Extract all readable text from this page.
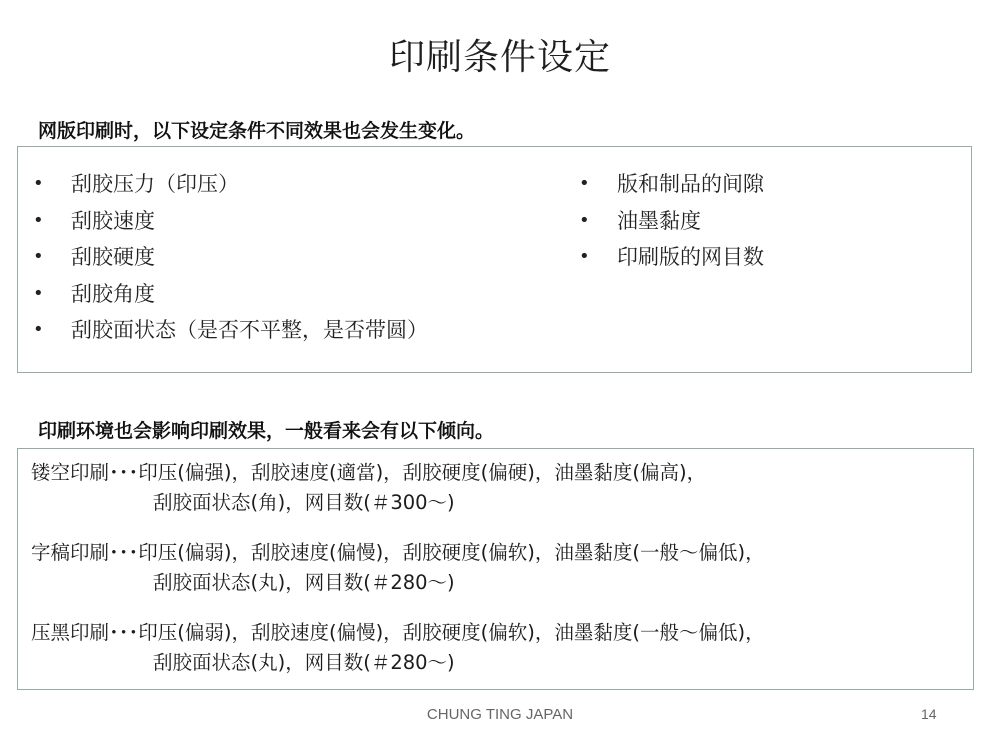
印刷条件设定
网版印刷时，以下设定条件不同效果也会发生变化。
• 刮胶压力（印压）
• 刮胶速度
• 刮胶硬度
• 刮胶角度
• 刮胶面状态（是否不平整，是否带圆）
• 版和制品的间隙
• 油墨黏度
• 印刷版的网目数
印刷环境也会影响印刷效果，一般看来会有以下倾向。
镂空印刷･･･印压(偏强)，刮胶速度(適當)，刮胶硬度(偏硬)，油墨黏度(偏高)，
刮胶面状态(角)，网目数(＃300～)
字稿印刷･･･印压(偏弱)，刮胶速度(偏慢)，刮胶硬度(偏软)，油墨黏度(一般～偏低)，
刮胶面状态(丸)，网目数(＃280～)
压黑印刷･･･印压(偏弱)，刮胶速度(偏慢)，刮胶硬度(偏软)，油墨黏度(一般～偏低)，
刮胶面状态(丸)，网目数(＃280～)
CHUNG TING JAPAN	14
